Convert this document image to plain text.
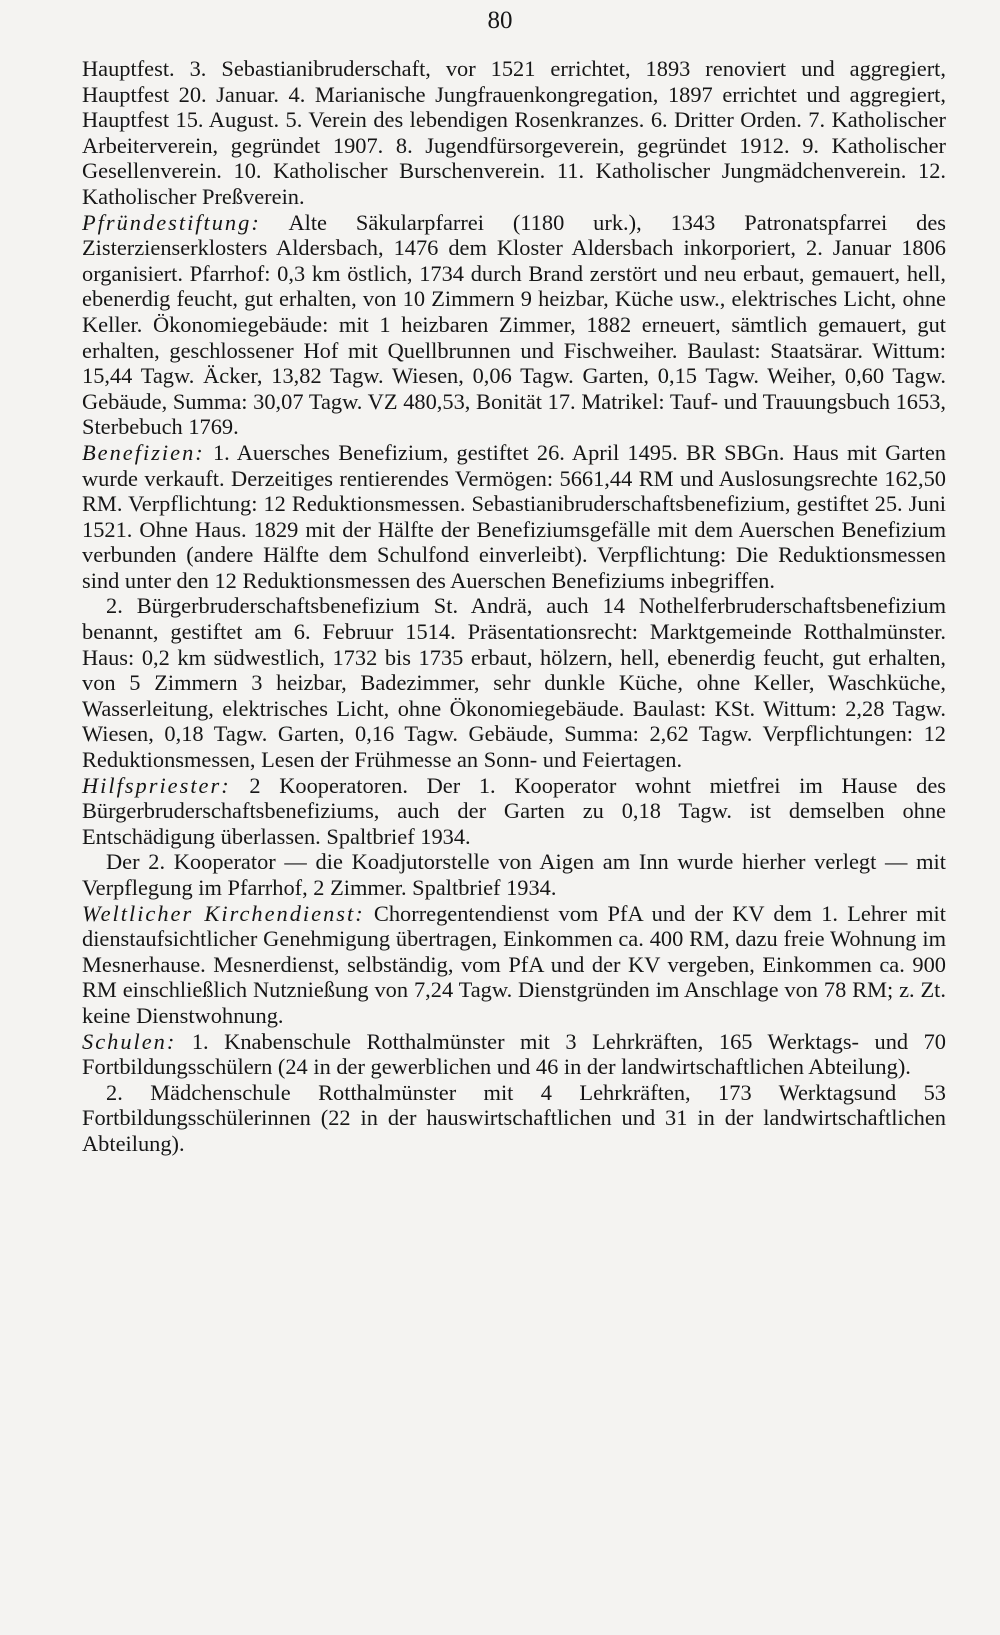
80

Hauptfest. 3. Sebastianibruderschaft, vor 1521 errichtet, 1893 renoviert und aggregiert, Hauptfest 20. Januar. 4. Marianische Jungfrauenkongregation, 1897 errichtet und aggregiert, Hauptfest 15. August. 5. Verein des lebendigen Rosenkranzes. 6. Dritter Orden. 7. Katholischer Arbeiterverein, gegründet 1907. 8. Jugendfürsorgeverein, gegründet 1912. 9. Katholischer Gesellenverein. 10. Katholischer Burschenverein. 11. Katholischer Jungmädchenverein. 12. Katholischer Preßverein.

Pfründestiftung: Alte Säkularpfarrei (1180 urk.), 1343 Patronatspfarrei des Zisterzienserklosters Aldersbach, 1476 dem Kloster Aldersbach inkorporiert, 2. Januar 1806 organisiert. Pfarrhof: 0,3 km östlich, 1734 durch Brand zerstört und neu erbaut, gemauert, hell, ebenerdig feucht, gut erhalten, von 10 Zimmern 9 heizbar, Küche usw., elektrisches Licht, ohne Keller. Ökonomiegebäude: mit 1 heizbaren Zimmer, 1882 erneuert, sämtlich gemauert, gut erhalten, geschlossener Hof mit Quellbrunnen und Fischweiher. Baulast: Staatsärar. Wittum: 15,44 Tagw. Äcker, 13,82 Tagw. Wiesen, 0,06 Tagw. Garten, 0,15 Tagw. Weiher, 0,60 Tagw. Gebäude, Summa: 30,07 Tagw. VZ 480,53, Bonität 17. Matrikel: Tauf- und Trauungsbuch 1653, Sterbebuch 1769.

Benefizien: 1. Auersches Benefizium, gestiftet 26. April 1495. BR SBGn. Haus mit Garten wurde verkauft. Derzeitiges rentierendes Vermögen: 5661,44 RM und Auslosungsrechte 162,50 RM. Verpflichtung: 12 Reduktionsmessen. Sebastianibruderschaftsbenefizium, gestiftet 25. Juni 1521. Ohne Haus. 1829 mit der Hälfte der Benefiziumsgefälle mit dem Auerschen Benefizium verbunden (andere Hälfte dem Schulfond einverleibt). Verpflichtung: Die Reduktionsmessen sind unter den 12 Reduktionsmessen des Auerschen Benefiziums inbegriffen.

2. Bürgerbruderschaftsbenefizium St. Andrä, auch 14 Nothelferbruderschaftsbenefizium benannt, gestiftet am 6. Februur 1514. Präsentationsrecht: Marktgemeinde Rotthalmünster. Haus: 0,2 km südwestlich, 1732 bis 1735 erbaut, hölzern, hell, ebenerdig feucht, gut erhalten, von 5 Zimmern 3 heizbar, Badezimmer, sehr dunkle Küche, ohne Keller, Waschküche, Wasserleitung, elektrisches Licht, ohne Ökonomiegebäude. Baulast: KSt. Wittum: 2,28 Tagw. Wiesen, 0,18 Tagw. Garten, 0,16 Tagw. Gebäude, Summa: 2,62 Tagw. Verpflichtungen: 12 Reduktionsmessen, Lesen der Frühmesse an Sonn- und Feiertagen.

Hilfspriester: 2 Kooperatoren. Der 1. Kooperator wohnt mietfrei im Hause des Bürgerbruderschaftsbenefiziums, auch der Garten zu 0,18 Tagw. ist demselben ohne Entschädigung überlassen. Spaltbrief 1934.

Der 2. Kooperator — die Koadjutorstelle von Aigen am Inn wurde hierher verlegt — mit Verpflegung im Pfarrhof, 2 Zimmer. Spaltbrief 1934.

Weltlicher Kirchendienst: Chorregentendienst vom PfA und der KV dem 1. Lehrer mit dienstaufsichtlicher Genehmigung übertragen, Einkommen ca. 400 RM, dazu freie Wohnung im Mesnerhause. Mesnerdienst, selbständig, vom PfA und der KV vergeben, Einkommen ca. 900 RM einschließlich Nutznießung von 7,24 Tagw. Dienstgründen im Anschlage von 78 RM; z. Zt. keine Dienstwohnung.

Schulen: 1. Knabenschule Rotthalmünster mit 3 Lehrkräften, 165 Werktags- und 70 Fortbildungsschülern (24 in der gewerblichen und 46 in der landwirtschaftlichen Abteilung).

2. Mädchenschule Rotthalmünster mit 4 Lehrkräften, 173 Werktagsund 53 Fortbildungsschülerinnen (22 in der hauswirtschaftlichen und 31 in der landwirtschaftlichen Abteilung).
